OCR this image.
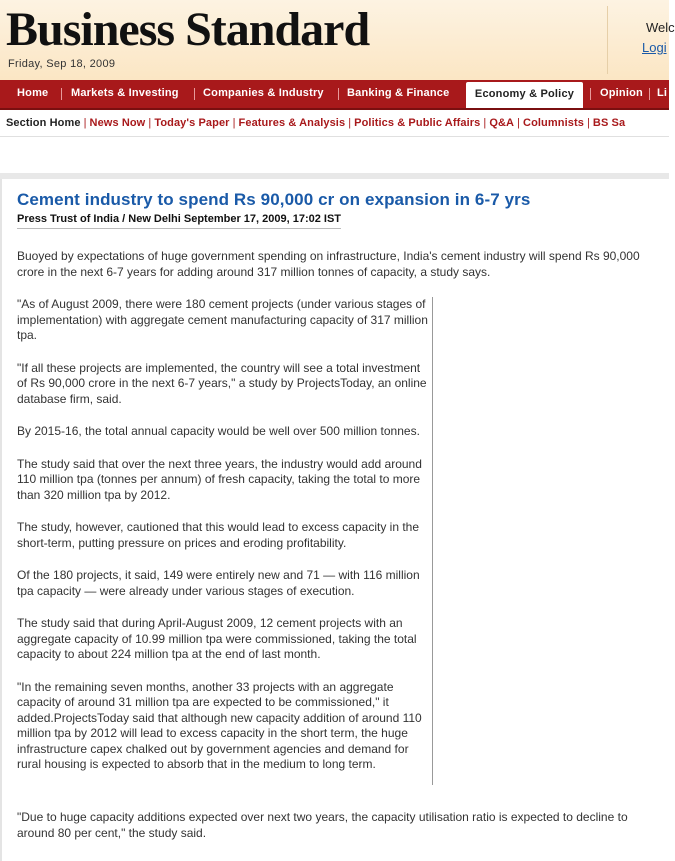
Business Standard
Friday, Sep 18, 2009
Welc
Logi
Home Markets & Investing Companies & Industry Banking & Finance	Economy & Policy	Opinion Li
Section Home | News Now | Today's Paper | Features & Analysis | Politics & Public Affairs | Q&A | Columnists | BS Sa
Cement industry to spend Rs 90,000 cr on expansion in 6-7 yrs
Press Trust of India / New Delhi September 17, 2009, 17:02 IST
Buoyed by expectations of huge government spending on infrastructure, India's cement industry will spend Rs 90,000 crore in the next 6-7 years for adding around 317 million tonnes of capacity, a study says.

"As of August 2009, there were 180 cement projects (under various stages of implementation) with aggregate cement manufacturing capacity of 317 million tpa.

"If all these projects are implemented, the country will see a total investment of Rs 90,000 crore in the next 6-7 years," a study by ProjectsToday, an online database firm, said.

By 2015-16, the total annual capacity would be well over 500 million tonnes.

The study said that over the next three years, the industry would add around 110 million tpa (tonnes per annum) of fresh capacity, taking the total to more than 320 million tpa by 2012.

The study, however, cautioned that this would lead to excess capacity in the short-term, putting pressure on prices and eroding profitability.

Of the 180 projects, it said, 149 were entirely new and 71 — with 116 million tpa capacity — were already under various stages of execution.

The study said that during April-August 2009, 12 cement projects with an aggregate capacity of 10.99 million tpa were commissioned, taking the total capacity to about 224 million tpa at the end of last month.

"In the remaining seven months, another 33 projects with an aggregate capacity of around 31 million tpa are expected to be commissioned," it added.ProjectsToday said that although new capacity addition of around 110 million tpa by 2012 will lead to excess capacity in the short term, the huge infrastructure capex chalked out by government agencies and demand for rural housing is expected to absorb that in the medium to long term.

"Due to huge capacity additions expected over next two years, the capacity utilisation ratio is expected to decline to around 80 per cent," the study said.
